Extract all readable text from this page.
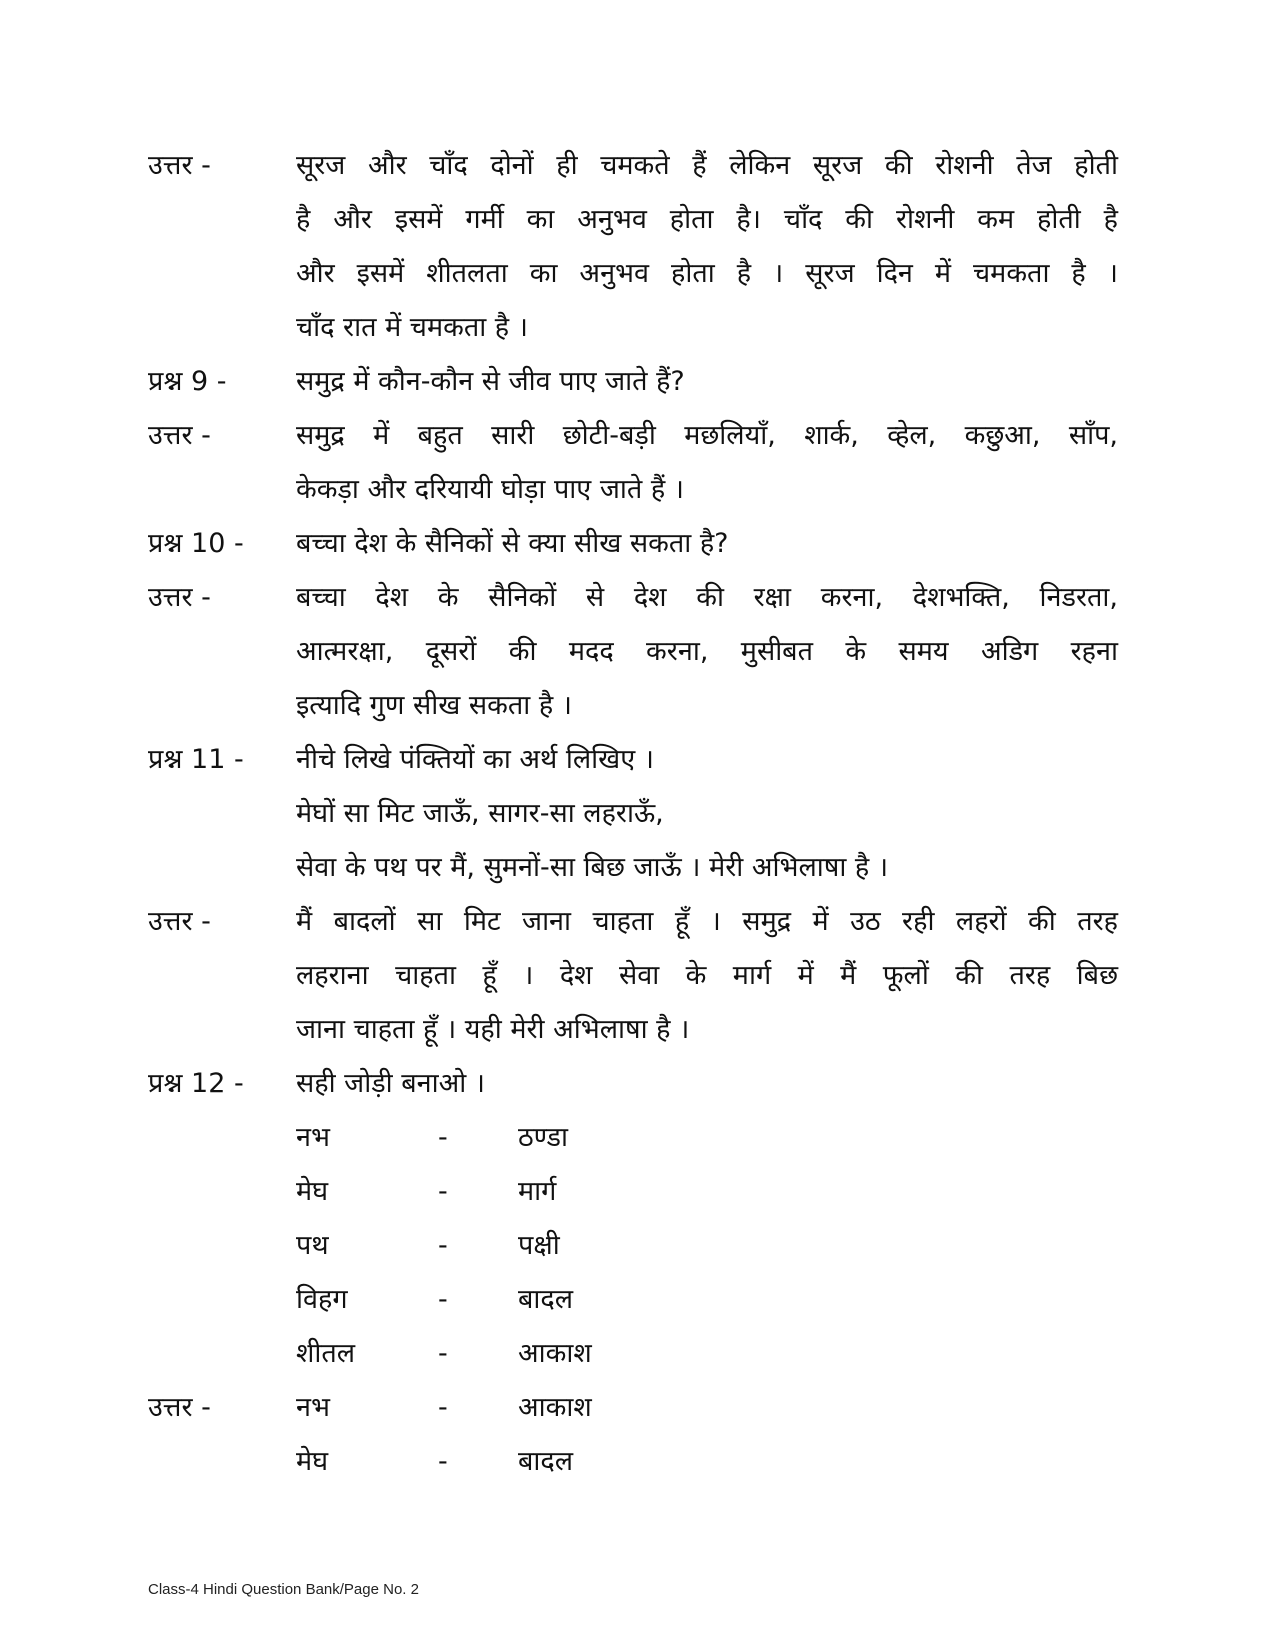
उत्तर -	सूरज और चाँद दोनों ही चमकते हैं लेकिन सूरज की रोशनी तेज होती
है और इसमें गर्मी का अनुभव होता है। चाँद की रोशनी कम होती है
और इसमें शीतलता का अनुभव होता है । सूरज दिन में चमकता है ।
चाँद रात में चमकता है ।
प्रश्न 9 -	समुद्र में कौन-कौन से जीव पाए जाते हैं?
उत्तर -	समुद्र में बहुत सारी छोटी-बड़ी मछलियाँ, शार्क, व्हेल, कछुआ, साँप,
केकड़ा और दरियायी घोड़ा पाए जाते हैं ।
प्रश्न 10 - बच्चा देश के सैनिकों से क्या सीख सकता है?
उत्तर -	बच्चा देश के सैनिकों से देश की रक्षा करना, देशभक्ति, निडरता,
आत्मरक्षा, दूसरों की मदद करना, मुसीबत के समय अडिग रहना
इत्यादि गुण सीख सकता है ।
प्रश्न 11 - नीचे लिखे पंक्तियों का अर्थ लिखिए ।
मेघों सा मिट जाऊँ, सागर-सा लहराऊँ,
सेवा के पथ पर मैं, सुमनों-सा बिछ जाऊँ । मेरी अभिलाषा है ।
उत्तर -	मैं बादलों सा मिट जाना चाहता हूँ । समुद्र में उठ रही लहरों की तरह
लहराना चाहता हूँ । देश सेवा के मार्ग में मैं फूलों की तरह बिछ
जाना चाहता हूँ । यही मेरी अभिलाषा है ।
प्रश्न 12 - सही जोड़ी बनाओ ।
नभ	-	ठण्डा
मेघ	-	मार्ग
पथ	-	पक्षी
विहग	-	बादल
शीतल	-	आकाश
उत्तर -	नभ	-	आकाश
मेघ	-	बादल
Class-4 Hindi Question Bank/Page No. 2
